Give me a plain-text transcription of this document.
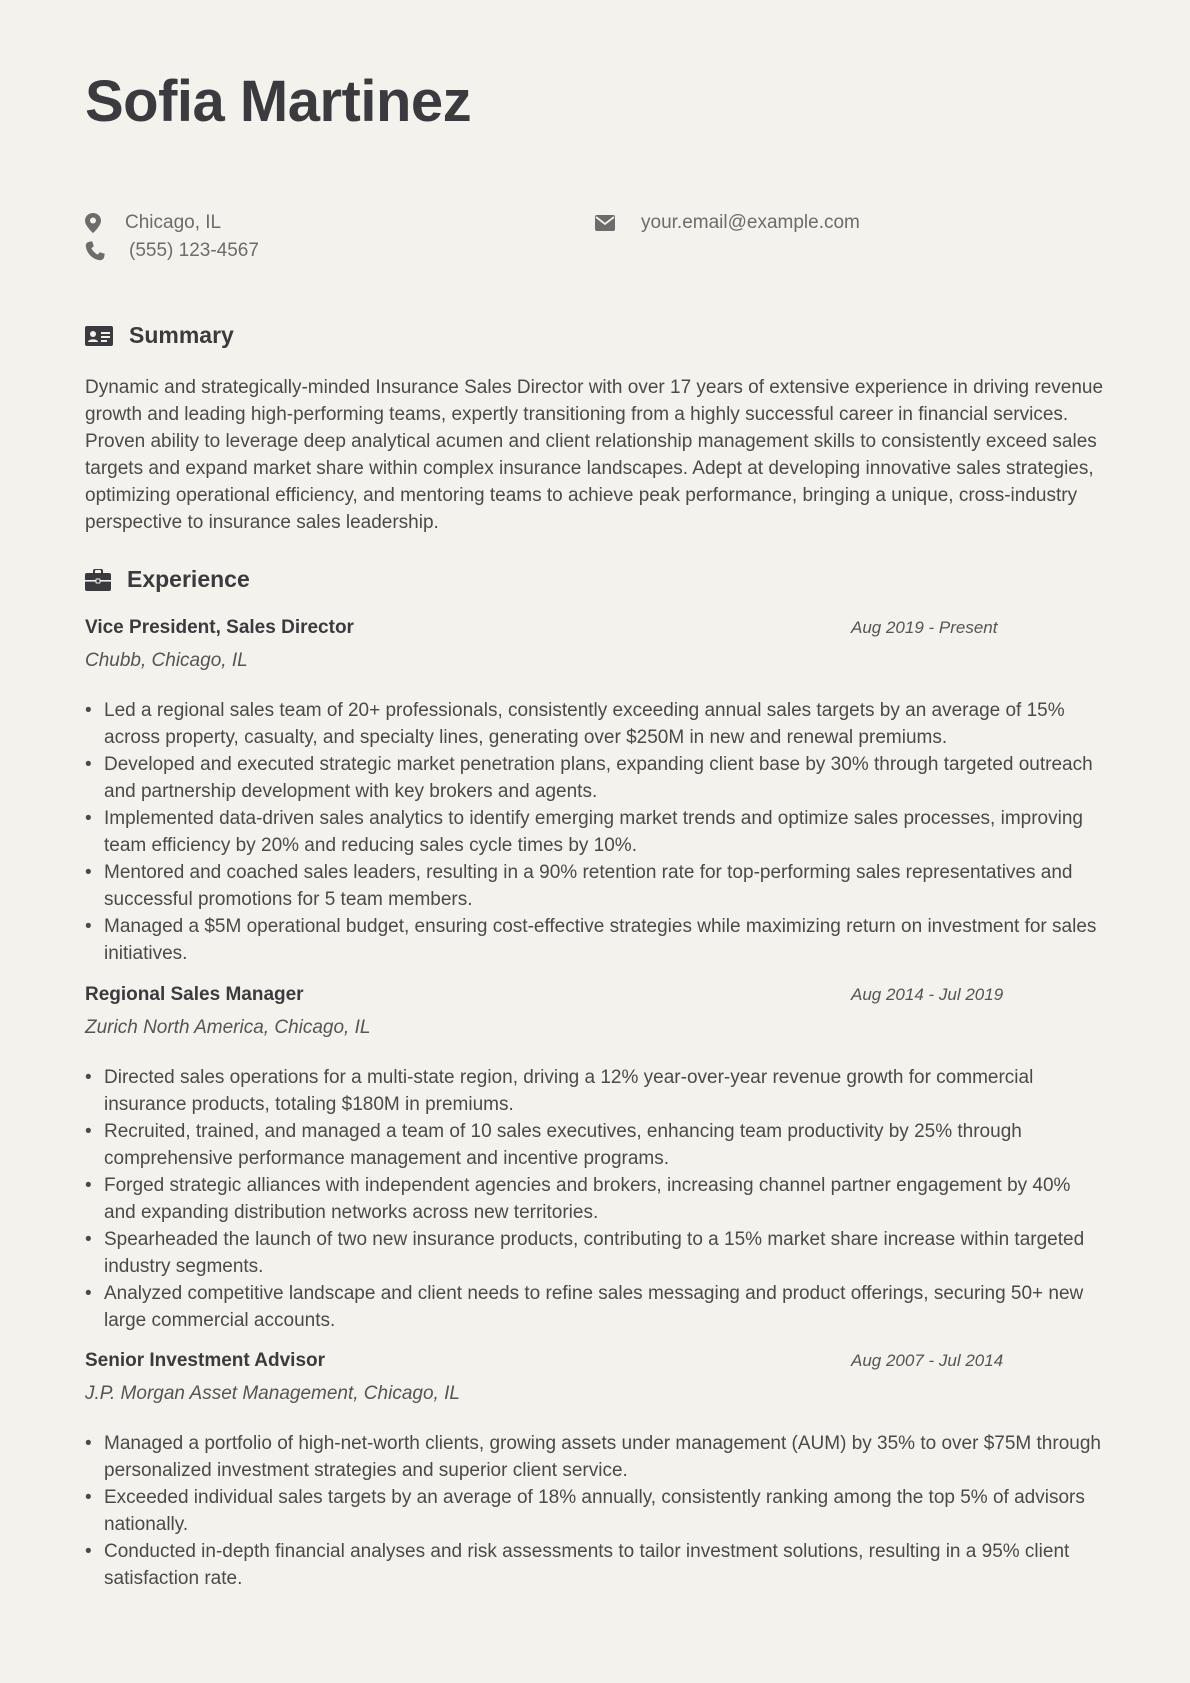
Sofia Martinez
Chicago, IL
(555) 123-4567
your.email@example.com
Summary

Dynamic and strategically-minded Insurance Sales Director with over 17 years of extensive experience in driving revenue growth and leading high-performing teams, expertly transitioning from a highly successful career in financial services. Proven ability to leverage deep analytical acumen and client relationship management skills to consistently exceed sales targets and expand market share within complex insurance landscapes. Adept at developing innovative sales strategies, optimizing operational efficiency, and mentoring teams to achieve peak performance, bringing a unique, cross-industry perspective to insurance sales leadership.

Experience
Vice President, Sales Director	Aug 2019 - Present
Chubb, Chicago, IL
• Led a regional sales team of 20+ professionals, consistently exceeding annual sales targets by an average of 15% across property, casualty, and specialty lines, generating over $250M in new and renewal premiums.
• Developed and executed strategic market penetration plans, expanding client base by 30% through targeted outreach and partnership development with key brokers and agents.
• Implemented data-driven sales analytics to identify emerging market trends and optimize sales processes, improving team efficiency by 20% and reducing sales cycle times by 10%.
• Mentored and coached sales leaders, resulting in a 90% retention rate for top-performing sales representatives and successful promotions for 5 team members.
• Managed a $5M operational budget, ensuring cost-effective strategies while maximizing return on investment for sales initiatives.
Regional Sales Manager	Aug 2014 - Jul 2019
Zurich North America, Chicago, IL
• Directed sales operations for a multi-state region, driving a 12% year-over-year revenue growth for commercial insurance products, totaling $180M in premiums.
• Recruited, trained, and managed a team of 10 sales executives, enhancing team productivity by 25% through comprehensive performance management and incentive programs.
• Forged strategic alliances with independent agencies and brokers, increasing channel partner engagement by 40% and expanding distribution networks across new territories.
• Spearheaded the launch of two new insurance products, contributing to a 15% market share increase within targeted industry segments.
• Analyzed competitive landscape and client needs to refine sales messaging and product offerings, securing 50+ new large commercial accounts.
Senior Investment Advisor	Aug 2007 - Jul 2014
J.P. Morgan Asset Management, Chicago, IL
• Managed a portfolio of high-net-worth clients, growing assets under management (AUM) by 35% to over $75M through personalized investment strategies and superior client service.
• Exceeded individual sales targets by an average of 18% annually, consistently ranking among the top 5% of advisors nationally.
• Conducted in-depth financial analyses and risk assessments to tailor investment solutions, resulting in a 95% client satisfaction rate.
